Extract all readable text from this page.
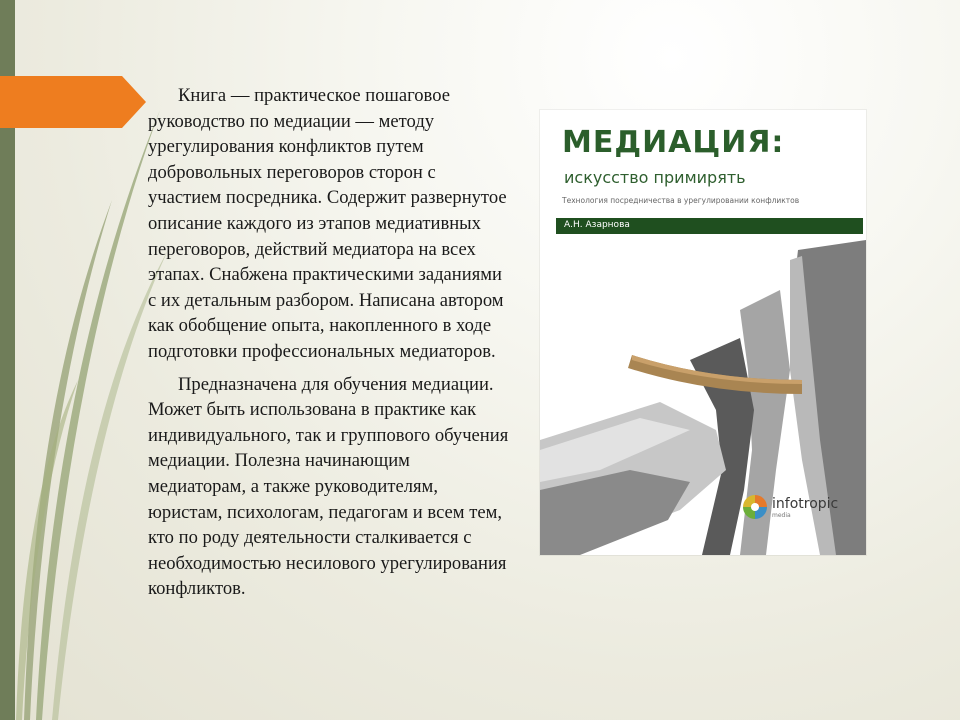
Книга — практическое пошаговое руководство по медиации — методу урегулирования конфликтов путем добровольных переговоров сторон с участием посредника. Содержит развернутое описание каждого из этапов медиативных переговоров, действий медиатора на всех этапах. Снабжена практическими заданиями с их детальным разбором. Написана автором как обобщение опыта, накопленного в ходе подготовки профессиональных медиаторов.

Предназначена для обучения медиации. Может быть использована в практике как индивидуального, так и группового обучения медиации. Полезна начинающим медиаторам, а также руководителям, юристам, психологам, педагогам и всем тем, кто по роду деятельности сталкивается с необходимостью несилового урегулирования конфликтов.

МЕДИАЦИЯ:
искусство примирять
Технология посредничества в урегулировании конфликтов
А.Н. Азарнова
infotropic
media
